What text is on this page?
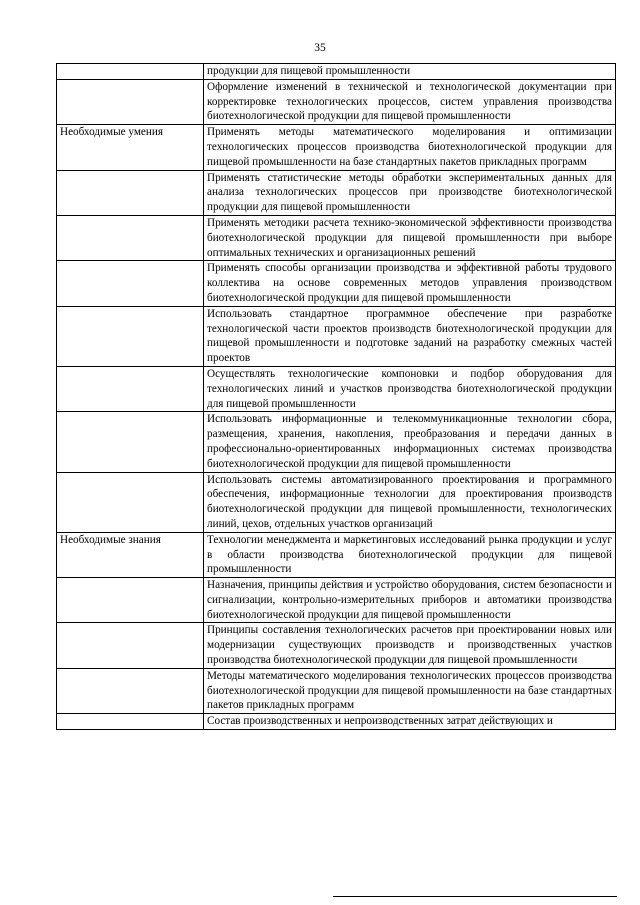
35
	продукции для пищевой промышленности
	Оформление изменений в технической и технологической документации при корректировке технологических процессов, систем управления производства биотехнологической продукции для пищевой промышленности
Необходимые умения	Применять методы математического моделирования и оптимизации технологических процессов производства биотехнологической продукции для пищевой промышленности на базе стандартных пакетов прикладных программ
	Применять статистические методы обработки экспериментальных данных для анализа технологических процессов при производстве биотехнологической продукции для пищевой промышленности
	Применять методики расчета технико-экономической эффективности производства биотехнологической продукции для пищевой промышленности при выборе оптимальных технических и организационных решений
	Применять способы организации производства и эффективной работы трудового коллектива на основе современных методов управления производством биотехнологической продукции для пищевой промышленности
	Использовать стандартное программное обеспечение при разработке технологической части проектов производств биотехнологической продукции для пищевой промышленности и подготовке заданий на разработку смежных частей проектов
	Осуществлять технологические компоновки и подбор оборудования для технологических линий и участков производства биотехнологической продукции для пищевой промышленности
	Использовать информационные и телекоммуникационные технологии сбора, размещения, хранения, накопления, преобразования и передачи данных в профессионально-ориентированных информационных системах производства биотехнологической продукции для пищевой промышленности
	Использовать системы автоматизированного проектирования и программного обеспечения, информационные технологии для проектирования производств биотехнологической продукции для пищевой промышленности, технологических линий, цехов, отдельных участков организаций
Необходимые знания	Технологии менеджмента и маркетинговых исследований рынка продукции и услуг в области производства биотехнологической продукции для пищевой промышленности
	Назначения, принципы действия и устройство оборудования, систем безопасности и сигнализации, контрольно-измерительных приборов и автоматики производства биотехнологической продукции для пищевой промышленности
	Принципы составления технологических расчетов при проектировании новых или модернизации существующих производств и производственных участков производства биотехнологической продукции для пищевой промышленности
	Методы математического моделирования технологических процессов производства биотехнологической продукции для пищевой промышленности на базе стандартных пакетов прикладных программ
	Состав производственных и непроизводственных затрат действующих и
